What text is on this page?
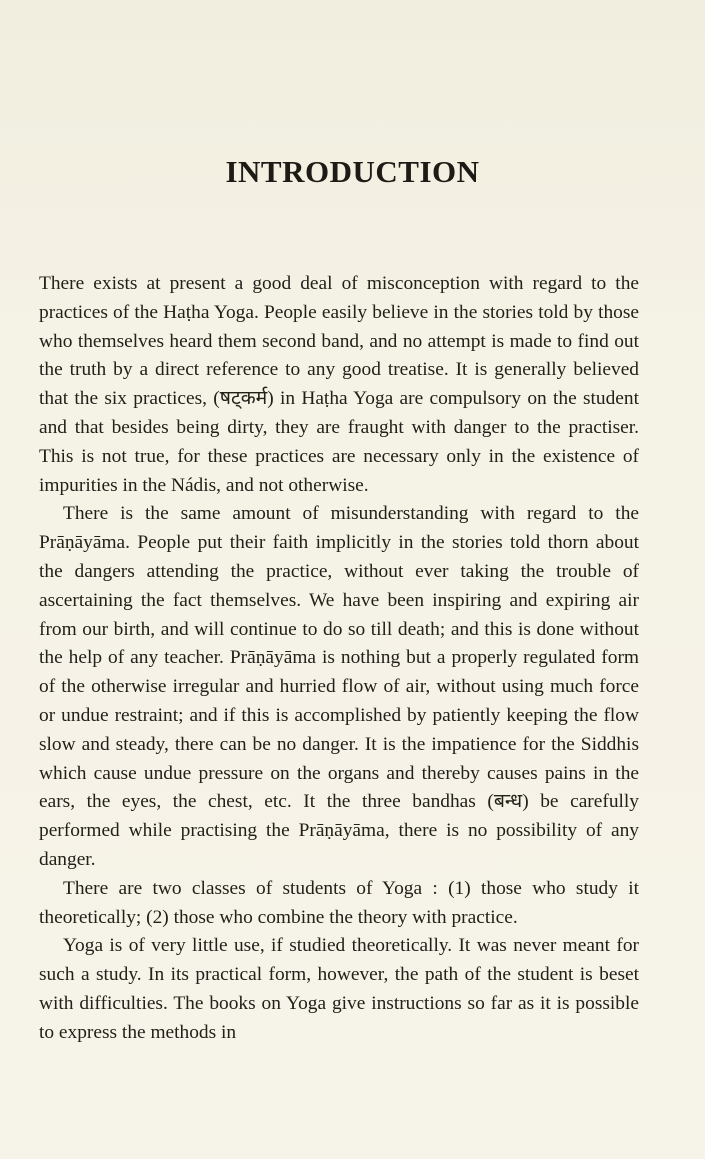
INTRODUCTION

There exists at present a good deal of misconception with regard to the practices of the Haṭha Yoga. People easily believe in the stories told by those who themselves heard them second band, and no attempt is made to find out the truth by a direct reference to any good treatise. It is generally believed that the six practices, (षट्कर्म) in Haṭha Yoga are compulsory on the student and that besides being dirty, they are fraught with danger to the practiser. This is not true, for these practices are necessary only in the existence of impurities in the Nádis, and not otherwise.

There is the same amount of misunderstanding with regard to the Prāṇāyāma. People put their faith implicitly in the stories told thorn about the dangers attending the practice, without ever taking the trouble of ascertaining the fact themselves. We have been inspiring and expiring air from our birth, and will continue to do so till death; and this is done without the help of any teacher. Prāṇāyāma is nothing but a properly regulated form of the otherwise irregular and hurried flow of air, without using much force or undue restraint; and if this is accomplished by patiently keeping the flow slow and steady, there can be no danger. It is the impatience for the Siddhis which cause undue pressure on the organs and thereby causes pains in the ears, the eyes, the chest, etc. It the three bandhas (बन्ध) be carefully performed while practising the Prāṇāyāma, there is no possibility of any danger.

There are two classes of students of Yoga : (1) those who study it theoretically; (2) those who combine the theory with practice.

Yoga is of very little use, if studied theoretically. It was never meant for such a study. In its practical form, however, the path of the student is beset with difficulties. The books on Yoga give instructions so far as it is possible to express the methods in
